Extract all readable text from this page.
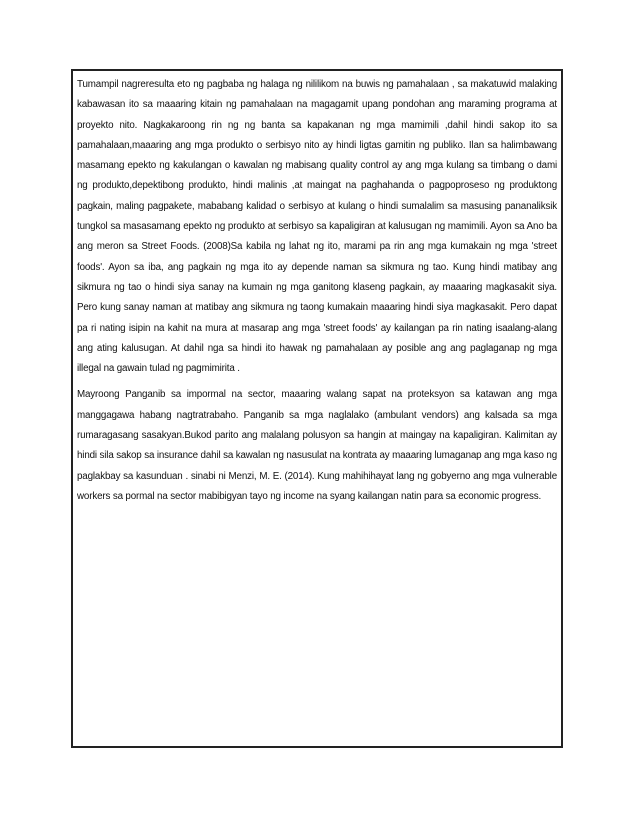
Tumampil nagreresulta eto ng pagbaba ng halaga ng nililikom na buwis ng pamahalaan , sa makatuwid malaking kabawasan ito sa maaaring kitain ng pamahalaan na magagamit upang pondohan ang maraming programa at proyekto nito. Nagkakaroong rin ng ng banta sa kapakanan ng mga mamimili ,dahil hindi sakop ito sa pamahalaan,maaaring ang mga produkto o serbisyo nito ay hindi ligtas gamitin ng publiko. Ilan sa halimbawang masamang epekto ng kakulangan o kawalan ng mabisang quality control ay ang mga kulang sa timbang o dami ng produkto,depektibong produkto, hindi malinis ,at maingat na paghahanda o pagpoproseso ng produktong pagkain, maling pagpakete, mababang kalidad o serbisyo at kulang o hindi sumalalim sa masusing pananaliksik tungkol sa masasamang epekto ng produkto at serbisyo sa kapaligiran at kalusugan ng mamimili. Ayon sa Ano ba ang meron sa Street Foods. (2008)Sa kabila ng lahat ng ito, marami pa rin ang mga kumakain ng mga 'street foods'. Ayon sa iba, ang pagkain ng mga ito ay depende naman sa sikmura ng tao. Kung hindi matibay ang sikmura ng tao o hindi siya sanay na kumain ng mga ganitong klaseng pagkain, ay maaaring magkasakit siya. Pero kung sanay naman at matibay ang sikmura ng taong kumakain maaaring hindi siya magkasakit. Pero dapat pa ri nating isipin na kahit na mura at masarap ang mga 'street foods' ay kailangan pa rin nating isaalang-alang ang ating kalusugan. At dahil nga sa hindi ito hawak ng pamahalaan ay posible ang ang paglaganap ng mga illegal na gawain tulad ng pagmimirita .

Mayroong Panganib sa impormal na sector, maaaring walang sapat na proteksyon sa katawan ang mga manggagawa habang nagtratrabaho. Panganib sa mga naglalako (ambulant vendors) ang kalsada sa mga rumaragasang sasakyan.Bukod parito ang malalang polusyon sa hangin at maingay na kapaligiran. Kalimitan ay hindi sila sakop sa insurance dahil sa kawalan ng nasusulat na kontrata ay maaaring lumaganap ang mga kaso ng paglakbay sa kasunduan . sinabi ni Menzi, M. E. (2014). Kung mahihihayat lang ng gobyerno ang mga vulnerable workers sa pormal na sector mabibigyan tayo ng income na syang kailangan natin para sa economic progress.
